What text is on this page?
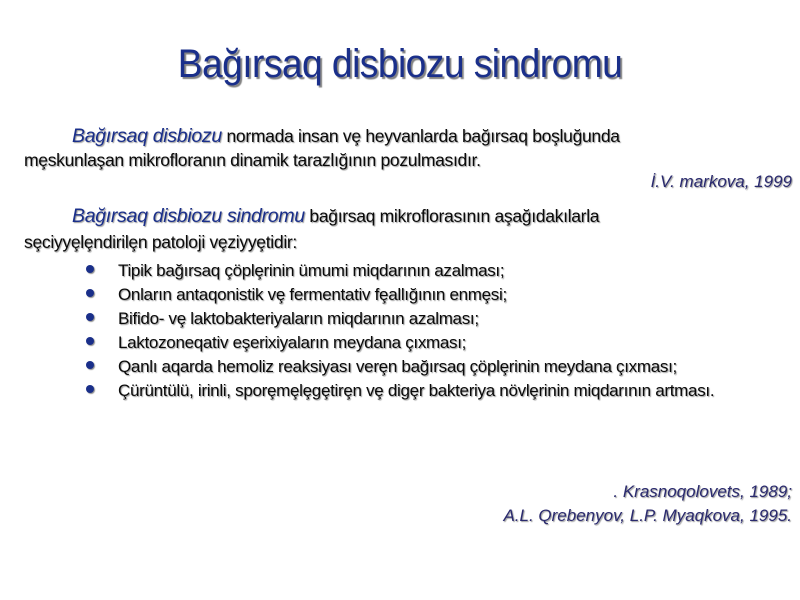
Bağırsaq disbiozu sindromu
Bağırsaq disbiozu normada insan vȩ heyvanlarda bağırsaq boşluğunda
mȩskunlaşan mikrofloranın dinamik tarazlığının pozulmasıdır.
İ.V. markova, 1999
Bağırsaq disbiozu sindromu bağırsaq mikroflorasının aşağıdakılarla
sȩciyyȩlȩndirilȩn patoloji vȩziyyȩtidir:
Tipik bağırsaq çöplȩrinin ümumi miqdarının azalması;
Onların antaqonistik vȩ fermentativ fȩallığının enmȩsi;
Bifido- vȩ laktobakteriyaların miqdarının azalması;
Laktozoneqativ eşerixiyaların meydana çıxması;
Qanlı aqarda hemoliz reaksiyası verȩn bağırsaq çöplȩrinin meydana çıxması;
Çürüntülü, irinli, sporȩmȩlȩgȩtirȩn vȩ digȩr bakteriya növlȩrinin miqdarının artması.
. Krasnoqolovets, 1989;
A.L. Qrebenyov, L.P. Myaqkova, 1995.
